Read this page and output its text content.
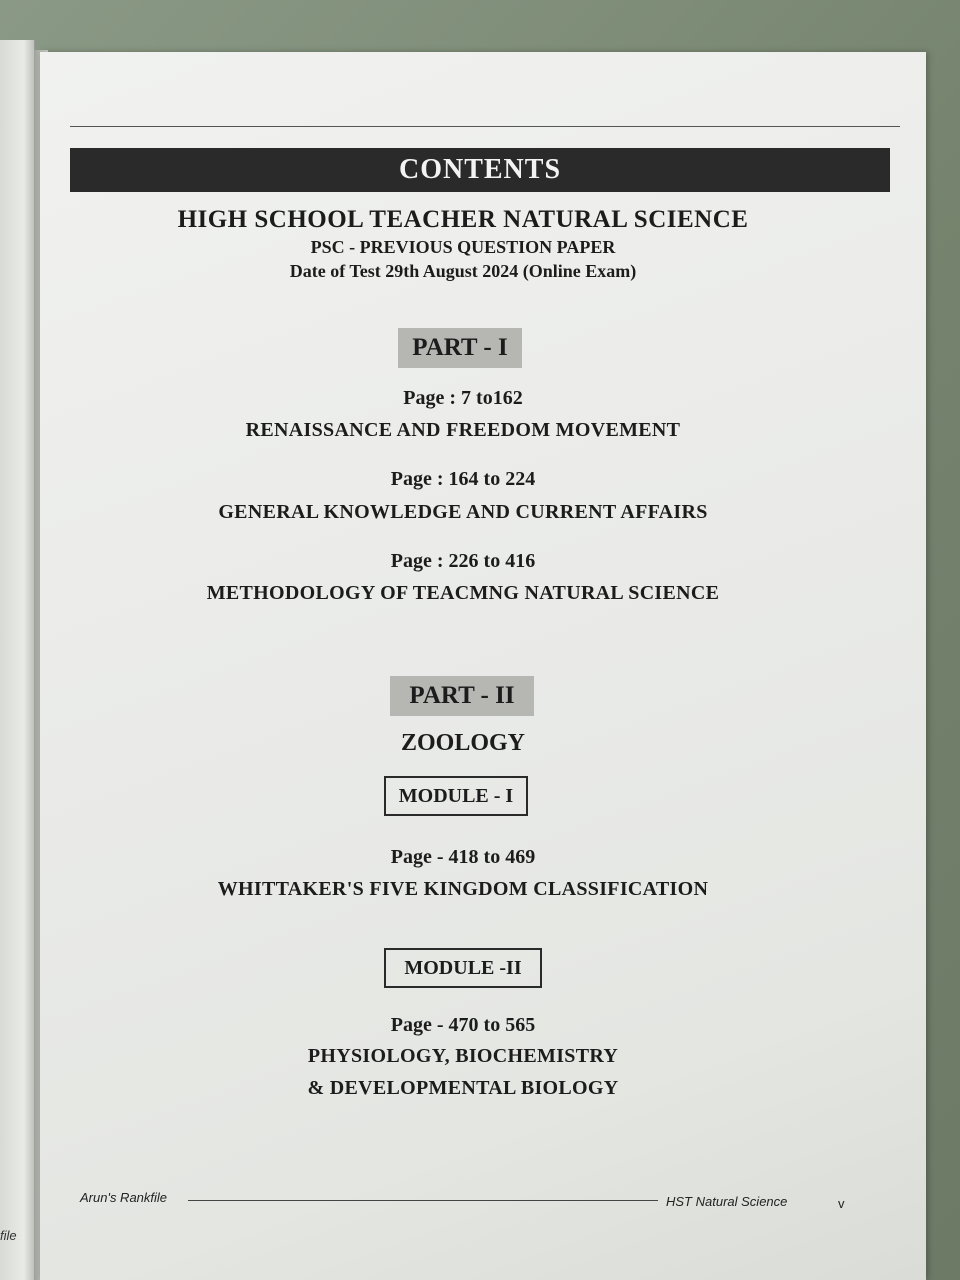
file
CONTENTS
HIGH SCHOOL TEACHER NATURAL SCIENCE
PSC - PREVIOUS QUESTION PAPER
Date of Test 29th August 2024 (Online Exam)
PART - I
Page : 7 to162
RENAISSANCE AND FREEDOM MOVEMENT
Page : 164 to 224
GENERAL KNOWLEDGE AND CURRENT AFFAIRS
Page : 226 to 416
METHODOLOGY OF TEACMNG NATURAL SCIENCE
PART - II
ZOOLOGY
MODULE - I
Page - 418 to 469
WHITTAKER'S FIVE KINGDOM CLASSIFICATION
MODULE -II
Page - 470 to 565
PHYSIOLOGY, BIOCHEMISTRY
& DEVELOPMENTAL BIOLOGY
Arun's Rankfile	HST Natural Science	v
